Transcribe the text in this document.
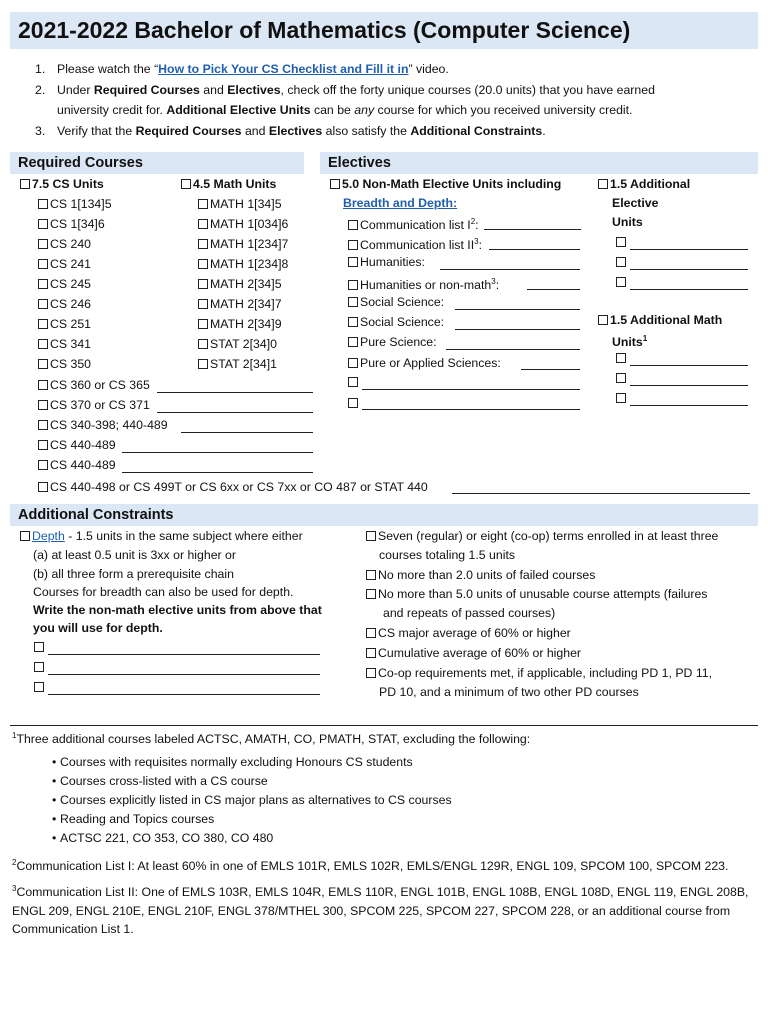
2021-2022 Bachelor of Mathematics (Computer Science)
1. Please watch the “How to Pick Your CS Checklist and Fill it in” video.
2. Under Required Courses and Electives, check off the forty unique courses (20.0 units) that you have earned
university credit for. Additional Elective Units can be any course for which you received university credit.
3. Verify that the Required Courses and Electives also satisfy the Additional Constraints.
Required Courses	Electives
7.5 CS Units	4.5 Math Units
CS 1[134]5
CS 1[34]6
CS 240
CS 241
CS 245
CS 246
CS 251
CS 341
CS 350
MATH 1[34]5
MATH 1[034]6
MATH 1[234]7
MATH 1[234]8
MATH 2[34]5
MATH 2[34]7
MATH 2[34]9
STAT 2[34]0
STAT 2[34]1
CS 360 or CS 365
CS 370 or CS 371
CS 340-398; 440-489
CS 440-489
CS 440-489
CS 440-498 or CS 499T or CS 6xx or CS 7xx or CO 487 or STAT 440
5.0 Non-Math Elective Units including
Breadth and Depth:
Communication list $I^2$:
Communication list $II^3$:
Humanities:
Humanities or non-math$^3$:
Social Science:
Social Science:
Pure Science:
Pure or Applied Sciences:
1.5 Additional
Elective
Units
1.5 Additional Math
Units$^1$
Additional Constraints
Depth - 1.5 units in the same subject where either
(a) at least 0.5 unit is 3xx or higher or
(b) all three form a prerequisite chain
Courses for breadth can also be used for depth.
Write the non-math elective units from above that
you will use for depth.
Seven (regular) or eight (co-op) terms enrolled in at least three
courses totaling 1.5 units
No more than 2.0 units of failed courses
No more than 5.0 units of unusable course attempts (failures
and repeats of passed courses)
CS major average of 60% or higher
Cumulative average of 60% or higher
Co-op requirements met, if applicable, including PD 1, PD 11,
PD 10, and a minimum of two other PD courses
$^1$Three additional courses labeled ACTSC, AMATH, CO, PMATH, STAT, excluding the following:
• Courses with requisites normally excluding Honours CS students
• Courses cross-listed with a CS course
• Courses explicitly listed in CS major plans as alternatives to CS courses
• Reading and Topics courses
• ACTSC 221, CO 353, CO 380, CO 480
$^2$Communication List I: At least 60% in one of EMLS 101R, EMLS 102R, EMLS/ENGL 129R, ENGL 109, SPCOM 100, SPCOM 223.
$^3$Communication List II: One of EMLS 103R, EMLS 104R, EMLS 110R, ENGL 101B, ENGL 108B, ENGL 108D, ENGL 119, ENGL 208B, ENGL 209, ENGL 210E, ENGL 210F, ENGL 378/MTHEL 300, SPCOM 225, SPCOM 227, SPCOM 228, or an additional course from Communication List 1.
